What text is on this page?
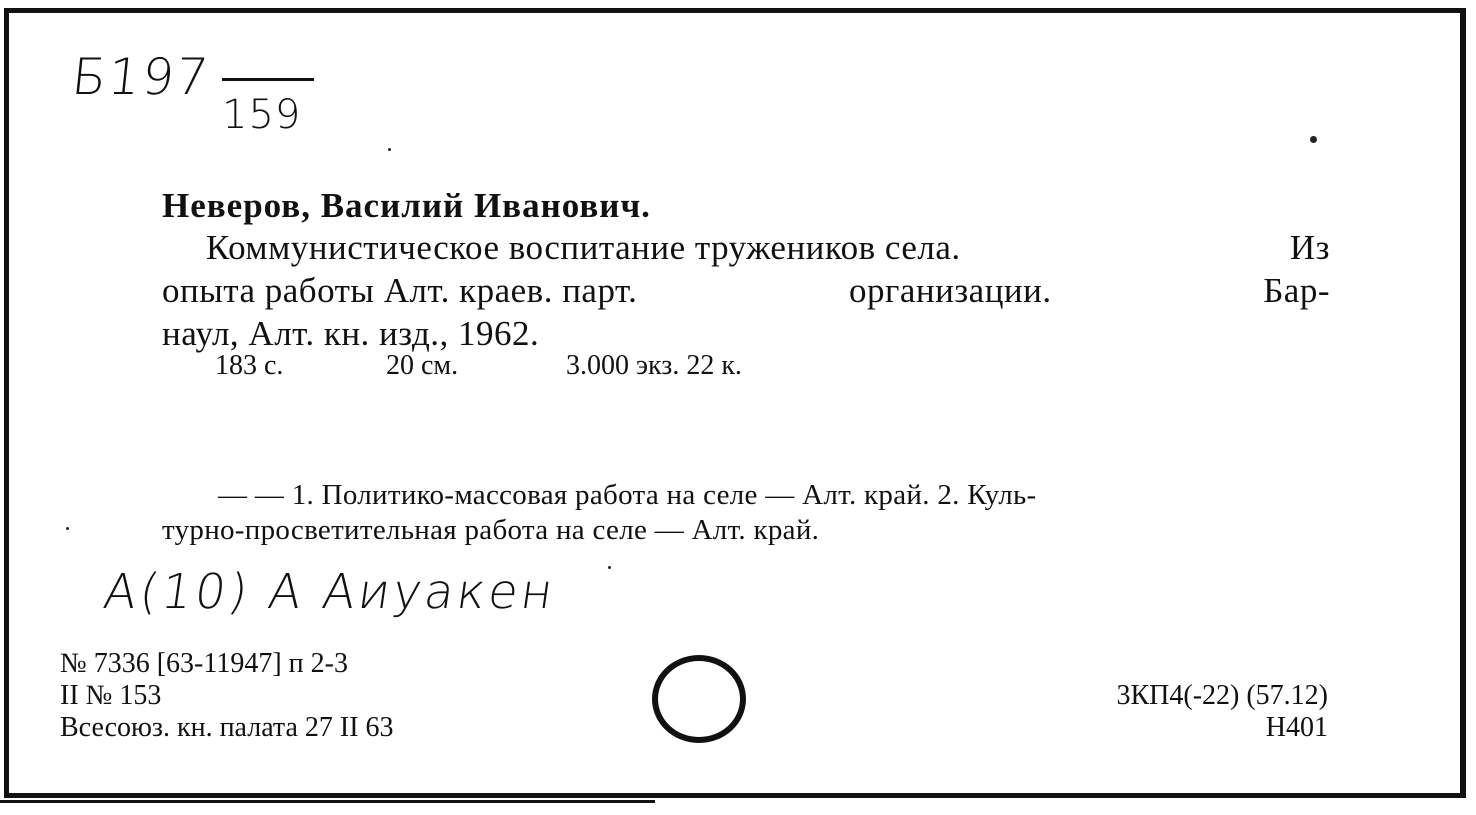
Б197
159
Неверов, Василий Иванович.
Коммунистическое воспитание тружеников села.	Из
опыта работы Алт. краев. парт.	организации.	Бар-
наул, Алт. кн. изд., 1962.
183 с.	20 см.	3.000 экз. 22 к.
— — 1. Политико-массовая работа на селе — Алт. край. 2. Куль-
турно-просветительная работа на селе — Алт. край.
A(10) A Аиуакен
№ 7336 [63-11947] п 2-3
II № 153
Всесоюз. кн. палата 27 II 63
3КП4(-22) (57.12)
Н401
